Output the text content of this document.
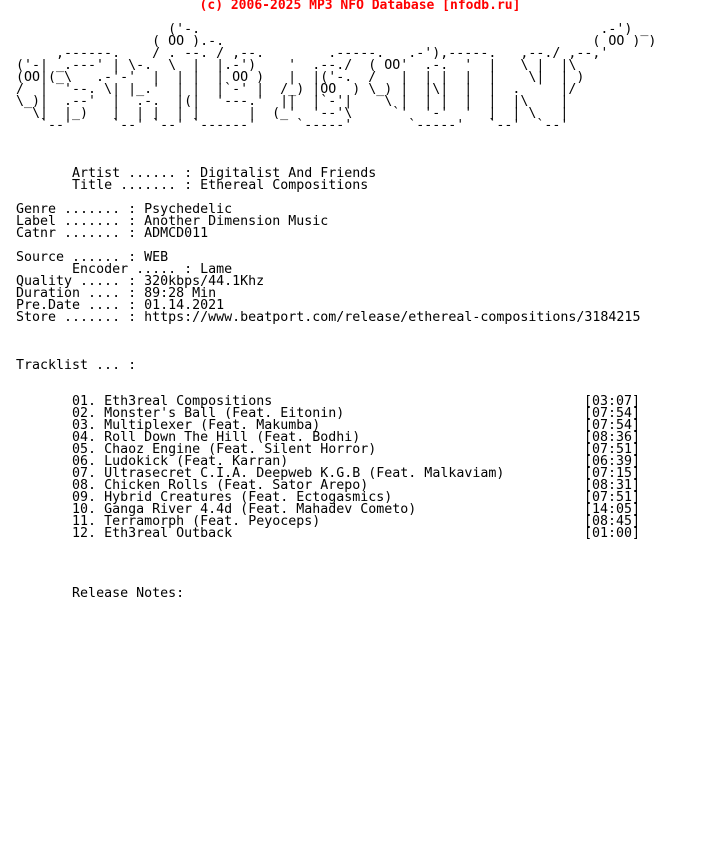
(c) 2006-2025 MP3 NFO Database [nfodb.ru]
('-.                                                  .-') _
( OO ).-.                                              ( OO ) )
,------.    / . --. / ,--.        .-----.   .-'),-----.   ,--./ ,--,'
('-| _.---' | \-.  \  |  |.-')    '  .--./  ( OO'  .-.  '  |   \ |  |\
(OO|(_\   .-'-'  |  | |  | OO )   |  |('-.  /   |  | |  |  |    \|  | )
/  |  '--. \| |_.'  | |  |`-' |  /_) |OO  ) \_) |  |\|  |  |  .     |/
\_)|  .--'  |  .-.  |(|  '---.'  ||  |`-'|    \ |  | |  |  |  |\    |
\|  |_)   |  | |  | |      |  (_'  '--'\     `'  '-'  '  |  | \   |
`--'     `--' `--' `------'     `-----'       `-----'   `--'  `--'
Artist ...... : Digitalist And Friends
Title ....... : Ethereal Compositions
Genre ....... : Psychedelic
Label ....... : Another Dimension Music
Catnr ....... : ADMCD011
Source ...... : WEB
Encoder ..... : Lame
Quality ..... : 320kbps/44.1Khz
Duration .... : 89:28 Min
Pre.Date .... : 01.14.2021
Store ....... : https://www.beatport.com/release/ethereal-compositions/3184215
Tracklist ... :
01. Eth3real Compositions	[03:07]
02. Monster's Ball (Feat. Eitonin)	[07:54]
03. Multiplexer (Feat. Makumba)	[07:54]
04. Roll Down The Hill (Feat. Bodhi)	[08:36]
05. Chaoz Engine (Feat. Silent Horror)	[07:51]
06. Ludokick (Feat. Karran)	[06:39]
07. Ultrasecret C.I.A. Deepweb K.G.B (Feat. Malkaviam)	[07:15]
08. Chicken Rolls (Feat. Sator Arepo)	[08:31]
09. Hybrid Creatures (Feat. Ectogasmics)	[07:51]
10. Ganga River 4.4d (Feat. Mahadev Cometo)	[14:05]
11. Terramorph (Feat. Peyoceps)	[08:45]
12. Eth3real Outback	[01:00]
Release Notes:
